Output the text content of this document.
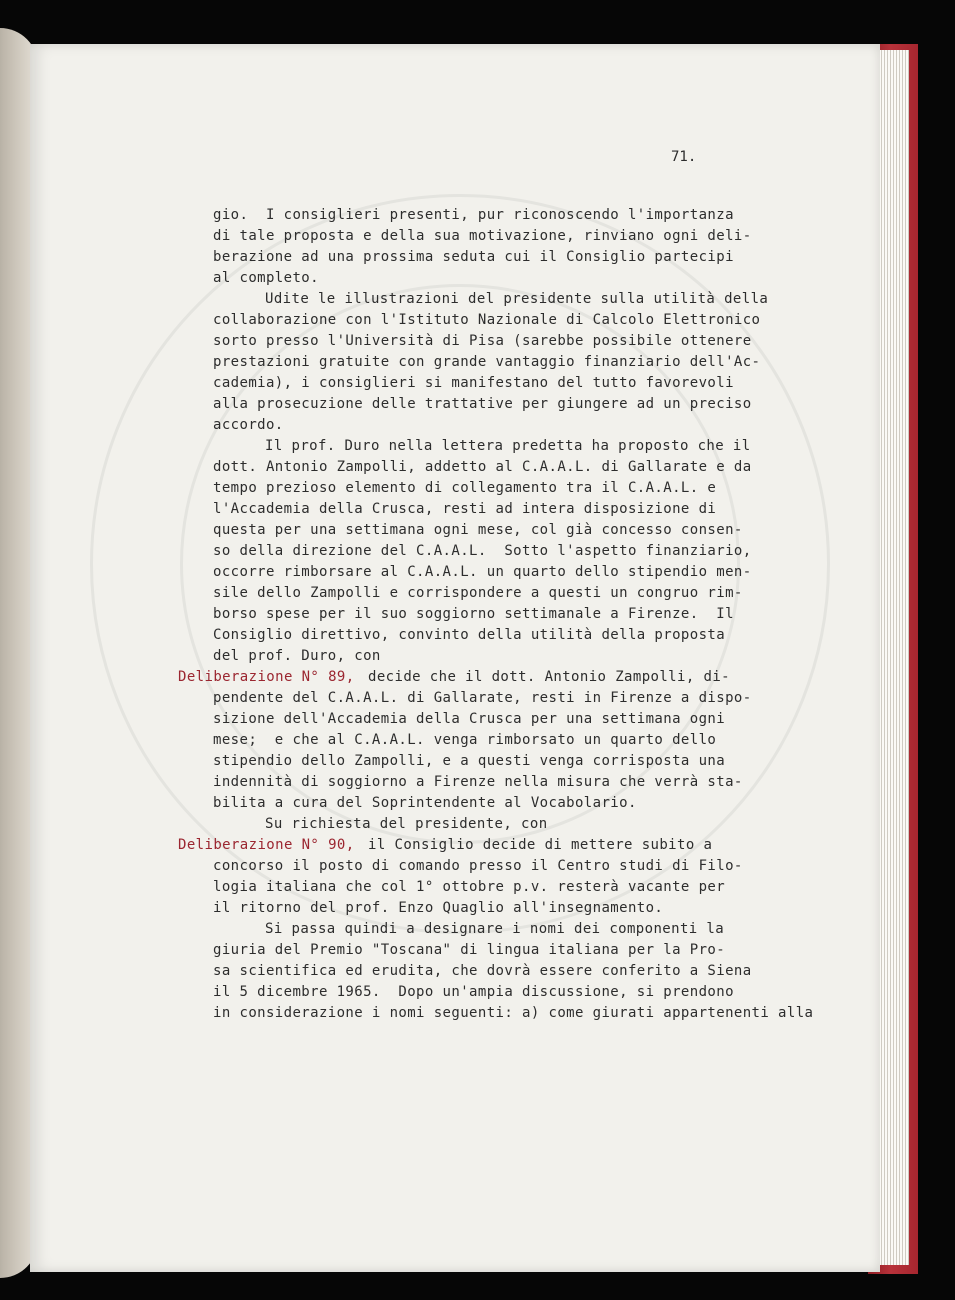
71.
gio.  I consiglieri presenti, pur riconoscendo l'importanza
di tale proposta e della sua motivazione, rinviano ogni deli-
berazione ad una prossima seduta cui il Consiglio partecipi
al completo.
Udite le illustrazioni del presidente sulla utilità della
collaborazione con l'Istituto Nazionale di Calcolo Elettronico
sorto presso l'Università di Pisa (sarebbe possibile ottenere
prestazioni gratuite con grande vantaggio finanziario dell'Ac-
cademia), i consiglieri si manifestano del tutto favorevoli
alla prosecuzione delle trattative per giungere ad un preciso
accordo.
Il prof. Duro nella lettera predetta ha proposto che il
dott. Antonio Zampolli, addetto al C.A.A.L. di Gallarate e da
tempo prezioso elemento di collegamento tra il C.A.A.L. e
l'Accademia della Crusca, resti ad intera disposizione di
questa per una settimana ogni mese, col già concesso consen-
so della direzione del C.A.A.L.  Sotto l'aspetto finanziario,
occorre rimborsare al C.A.A.L. un quarto dello stipendio men-
sile dello Zampolli e corrispondere a questi un congruo rim-
borso spese per il suo soggiorno settimanale a Firenze.  Il
Consiglio direttivo, convinto della utilità della proposta
del prof. Duro, con
Deliberazione N° 89, decide che il dott. Antonio Zampolli, di-
pendente del C.A.A.L. di Gallarate, resti in Firenze a dispo-
sizione dell'Accademia della Crusca per una settimana ogni
mese;  e che al C.A.A.L. venga rimborsato un quarto dello
stipendio dello Zampolli, e a questi venga corrisposta una
indennità di soggiorno a Firenze nella misura che verrà sta-
bilita a cura del Soprintendente al Vocabolario.
Su richiesta del presidente, con
Deliberazione N° 90, il Consiglio decide di mettere subito a
concorso il posto di comando presso il Centro studi di Filo-
logia italiana che col 1° ottobre p.v. resterà vacante per
il ritorno del prof. Enzo Quaglio all'insegnamento.
Si passa quindi a designare i nomi dei componenti la
giuria del Premio "Toscana" di lingua italiana per la Pro-
sa scientifica ed erudita, che dovrà essere conferito a Siena
il 5 dicembre 1965.  Dopo un'ampia discussione, si prendono
in considerazione i nomi seguenti: a) come giurati appartenenti alla
